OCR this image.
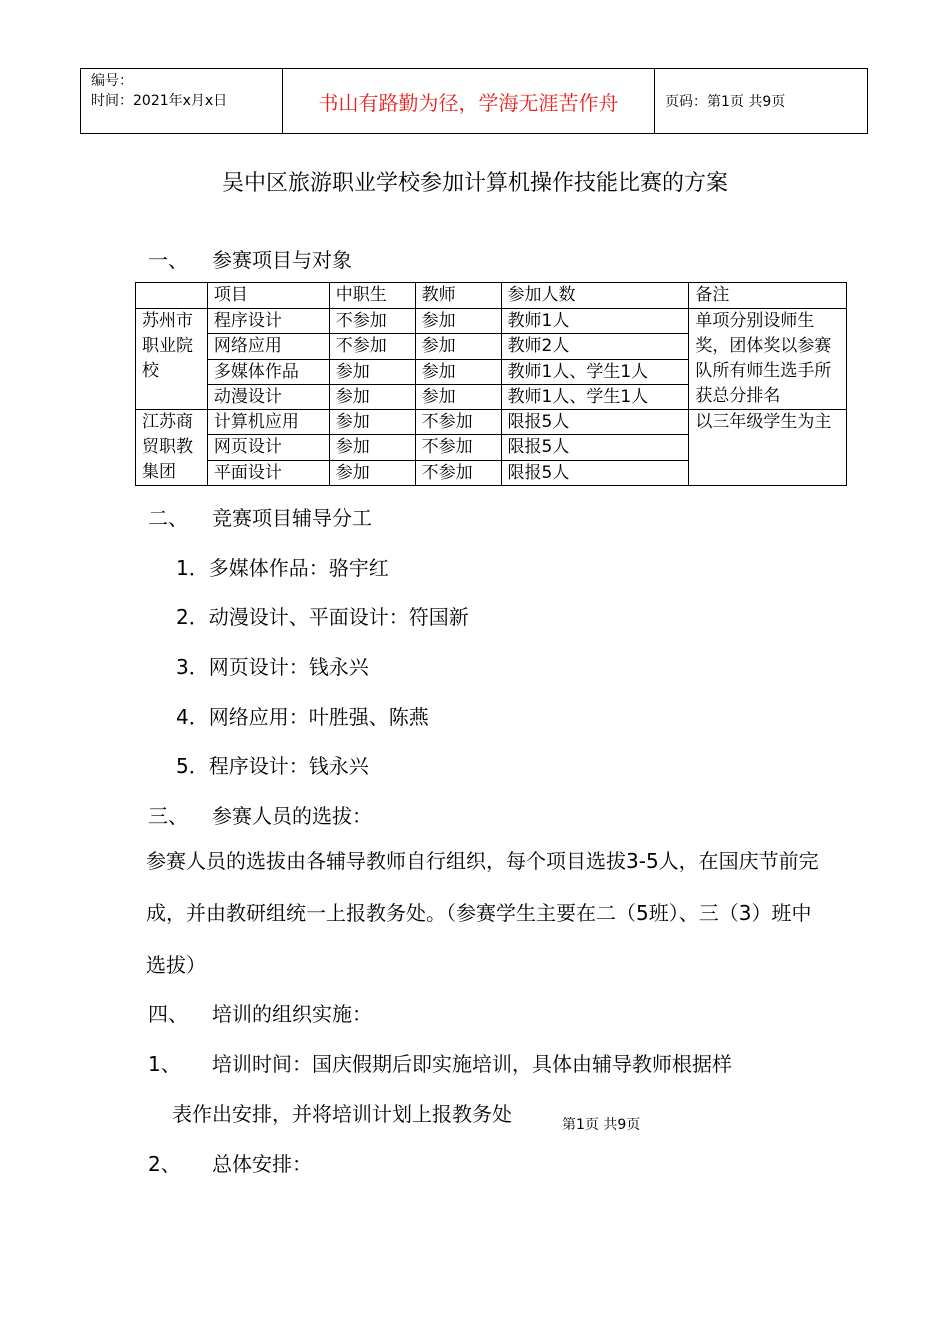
编号：
时间：2021年x月x日	书山有路勤为径，学海无涯苦作舟	页码：第1页 共9页
吴中区旅游职业学校参加计算机操作技能比赛的方案
一、 参赛项目与对象
	项目	中职生	教师	参加人数	备注
苏州市职业院校	程序设计	不参加	参加	教师1人	单项分别设师生奖，团体奖以参赛队所有师生选手所获总分排名
	网络应用	不参加	参加	教师2人	
	多媒体作品	参加	参加	教师1人、学生1人	
	动漫设计	参加	参加	教师1人、学生1人	
江苏商贸职教集团	计算机应用	参加	不参加	限报5人	以三年级学生为主
	网页设计	参加	不参加	限报5人	
	平面设计	参加	不参加	限报5人	
二、 竞赛项目辅导分工
1．多媒体作品：骆宇红
2．动漫设计、平面设计：符国新
3．网页设计：钱永兴
4．网络应用：叶胜强、陈燕
5．程序设计：钱永兴
三、 参赛人员的选拔：
参赛人员的选拔由各辅导教师自行组织，每个项目选拔3-5人，在国庆节前完成，并由教研组统一上报教务处。（参赛学生主要在二（5班）、三（3）班中选拔）
四、 培训的组织实施：
1、 培训时间：国庆假期后即实施培训，具体由辅导教师根据样
表作出安排，并将培训计划上报教务处	第1页 共9页
2、 总体安排：
